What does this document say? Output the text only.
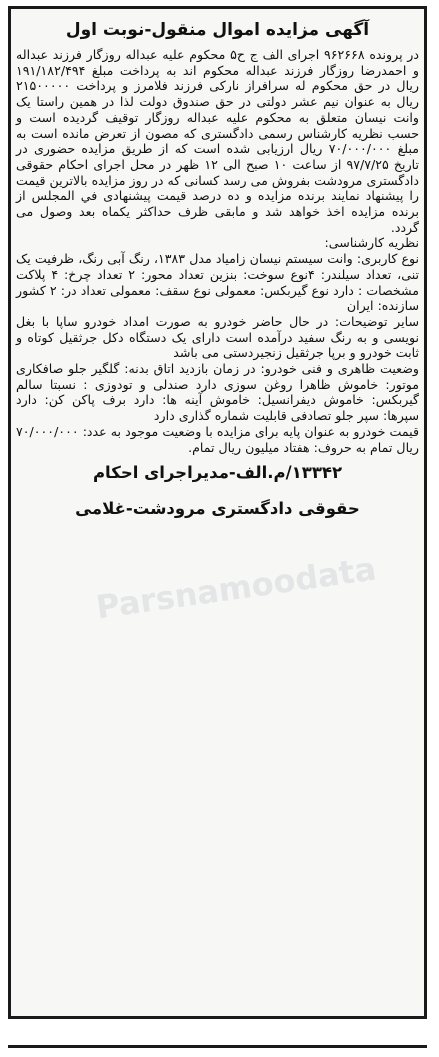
Parsnamoodata
آگهی مزایده اموال منقول-نوبت اول

در پرونده ۹۶۲۶۶۸ اجرای الف ج ح۵ محکوم علیه عبداله روزگار فرزند عبداله و احمدرضا روزگار فرزند عبداله محکوم اند به پرداخت مبلغ ۱۹۱/۱۸۲/۴۹۴ ریال در حق محکوم له سرافراز نارکی فرزند فلامرز و پرداخت ۲۱۵۰۰۰۰۰ ریال به عنوان نیم عشر دولتی در حق صندوق دولت لذا در همین راستا یک وانت نیسان متعلق به محکوم علیه عبداله روزگار توقیف گردیده است و حسب نظریه کارشناس رسمی دادگستری که مصون از تعرض مانده است به مبلغ ۷۰/۰۰۰/۰۰۰ ریال ارزیابی شده است که از طریق مزایده حضوری در تاریخ ۹۷/۷/۲۵ از ساعت ۱۰ صبح الی ۱۲ ظهر در محل اجرای احکام حقوقی دادگستری مرودشت بفروش می رسد کسانی که در روز مزایده بالاترین قیمت را پیشنهاد نمایند برنده مزایده و ده درصد قیمت پیشنهادی في المجلس از برنده مزایده اخذ خواهد شد و مابقی ظرف حداکثر یکماه بعد وصول می گردد.

نظریه کارشناسی:

نوع کاربری: وانت سیستم نیسان زامیاد مدل ۱۳۸۳، رنگ آبی رنگ، ظرفیت یک تنی، تعداد سیلندر: ۴نوع سوخت: بنزین تعداد محور: ۲ تعداد چرخ: ۴ پلاکت مشخصات : دارد نوع گیربکس: معمولی نوع سقف: معمولی تعداد در: ۲ کشور سازنده: ایران

سایر توضیحات: در حال حاضر خودرو به صورت امداد خودرو ساپا با بغل نویسی و به رنگ سفید درآمده است دارای یک دستگاه دکل جرثقیل کوتاه و ثابت خودرو و برپا جرثقیل زنجیردستی می باشد

وضعیت ظاهری و فنی خودرو: در زمان بازدید اتاق بدنه: گلگیر جلو صافکاری موتور: خاموش ظاهرا روغن سوزی دارد صندلی و تودوزی : نسبتا سالم گیربکس: خاموش دیفرانسیل: خاموش آینه ها: دارد برف پاکن کن: دارد سپرها: سپر جلو تصادفی قابلیت شماره گذاری دارد

قیمت خودرو به عنوان پایه برای مزایده با وضعیت موجود به عدد: ۷۰/۰۰۰/۰۰۰ ریال تمام به حروف: هفتاد میلیون ریال تمام.

۱۳۳۴۲/م.الف-مدیراجرای احکام
حقوقی دادگستری مرودشت-غلامی
